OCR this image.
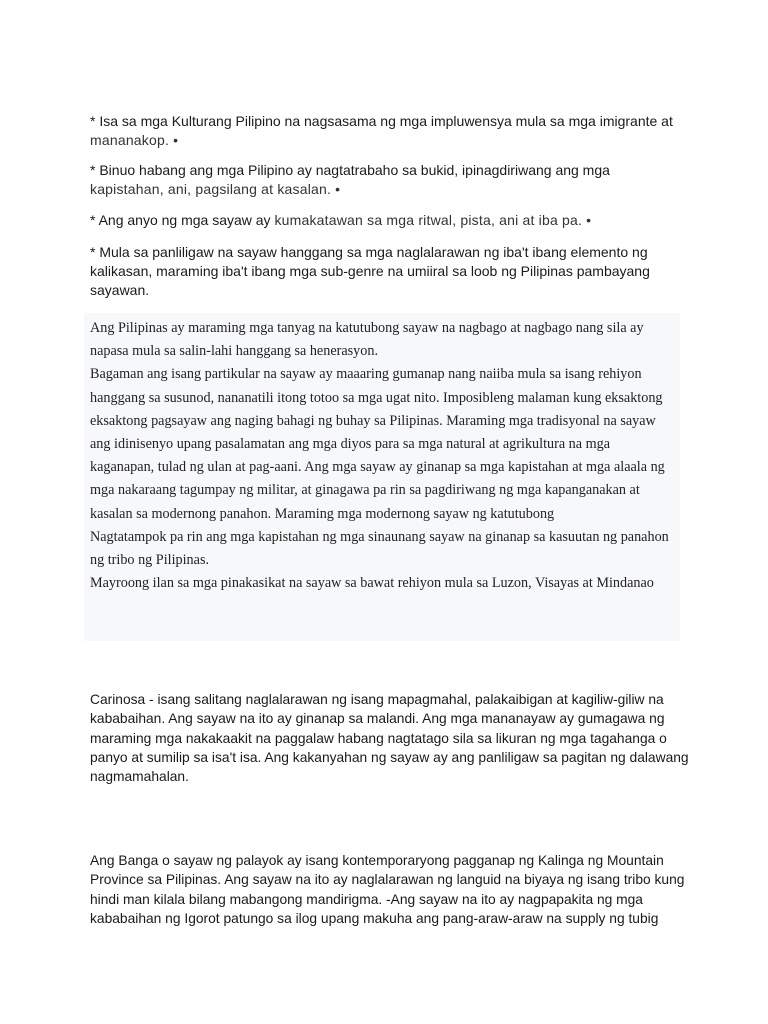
* Isa sa mga Kulturang Pilipino na nagsasama ng mga impluwensya mula sa mga imigrante at
mananakop. •

* Binuo habang ang mga Pilipino ay nagtatrabaho sa bukid, ipinagdiriwang ang mga
kapistahan, ani, pagsilang at kasalan. •

* Ang anyo ng mga sayaw ay kumakatawan sa mga ritwal, pista, ani at iba pa. •

* Mula sa panliligaw na sayaw hanggang sa mga naglalarawan ng iba't ibang elemento ng kalikasan, maraming iba't ibang mga sub-genre na umiiral sa loob ng Pilipinas pambayang sayawan.

Ang Pilipinas ay maraming mga tanyag na katutubong sayaw na nagbago at nagbago nang sila ay napasa mula sa salin-lahi hanggang sa henerasyon.

Bagaman ang isang partikular na sayaw ay maaaring gumanap nang naiiba mula sa isang rehiyon hanggang sa susunod, nananatili itong totoo sa mga ugat nito. Imposibleng malaman kung eksaktong eksaktong pagsayaw ang naging bahagi ng buhay sa Pilipinas. Maraming mga tradisyonal na sayaw ang idinisenyo upang pasalamatan ang mga diyos para sa mga natural at agrikultura na mga kaganapan, tulad ng ulan at pag-aani. Ang mga sayaw ay ginanap sa mga kapistahan at mga alaala ng mga nakaraang tagumpay ng militar, at ginagawa pa rin sa pagdiriwang ng mga kapanganakan at kasalan sa modernong panahon. Maraming mga modernong sayaw ng katutubong

Nagtatampok pa rin ang mga kapistahan ng mga sinaunang sayaw na ginanap sa kasuutan ng panahon ng tribo ng Pilipinas.

Mayroong ilan sa mga pinakasikat na sayaw sa bawat rehiyon mula sa Luzon, Visayas at Mindanao

Carinosa - isang salitang naglalarawan ng isang mapagmahal, palakaibigan at kagiliw-giliw na kababaihan. Ang sayaw na ito ay ginanap sa malandi. Ang mga mananayaw ay gumagawa ng maraming mga nakakaakit na paggalaw habang nagtatago sila sa likuran ng mga tagahanga o panyo at sumilip sa isa't isa. Ang kakanyahan ng sayaw ay ang panliligaw sa pagitan ng dalawang nagmamahalan.

Ang Banga o sayaw ng palayok ay isang kontemporaryong pagganap ng Kalinga ng Mountain Province sa Pilipinas. Ang sayaw na ito ay naglalarawan ng languid na biyaya ng isang tribo kung hindi man kilala bilang mabangong mandirigma. -Ang sayaw na ito ay nagpapakita ng mga kababaihan ng Igorot patungo sa ilog upang makuha ang pang-araw-araw na supply ng tubig
